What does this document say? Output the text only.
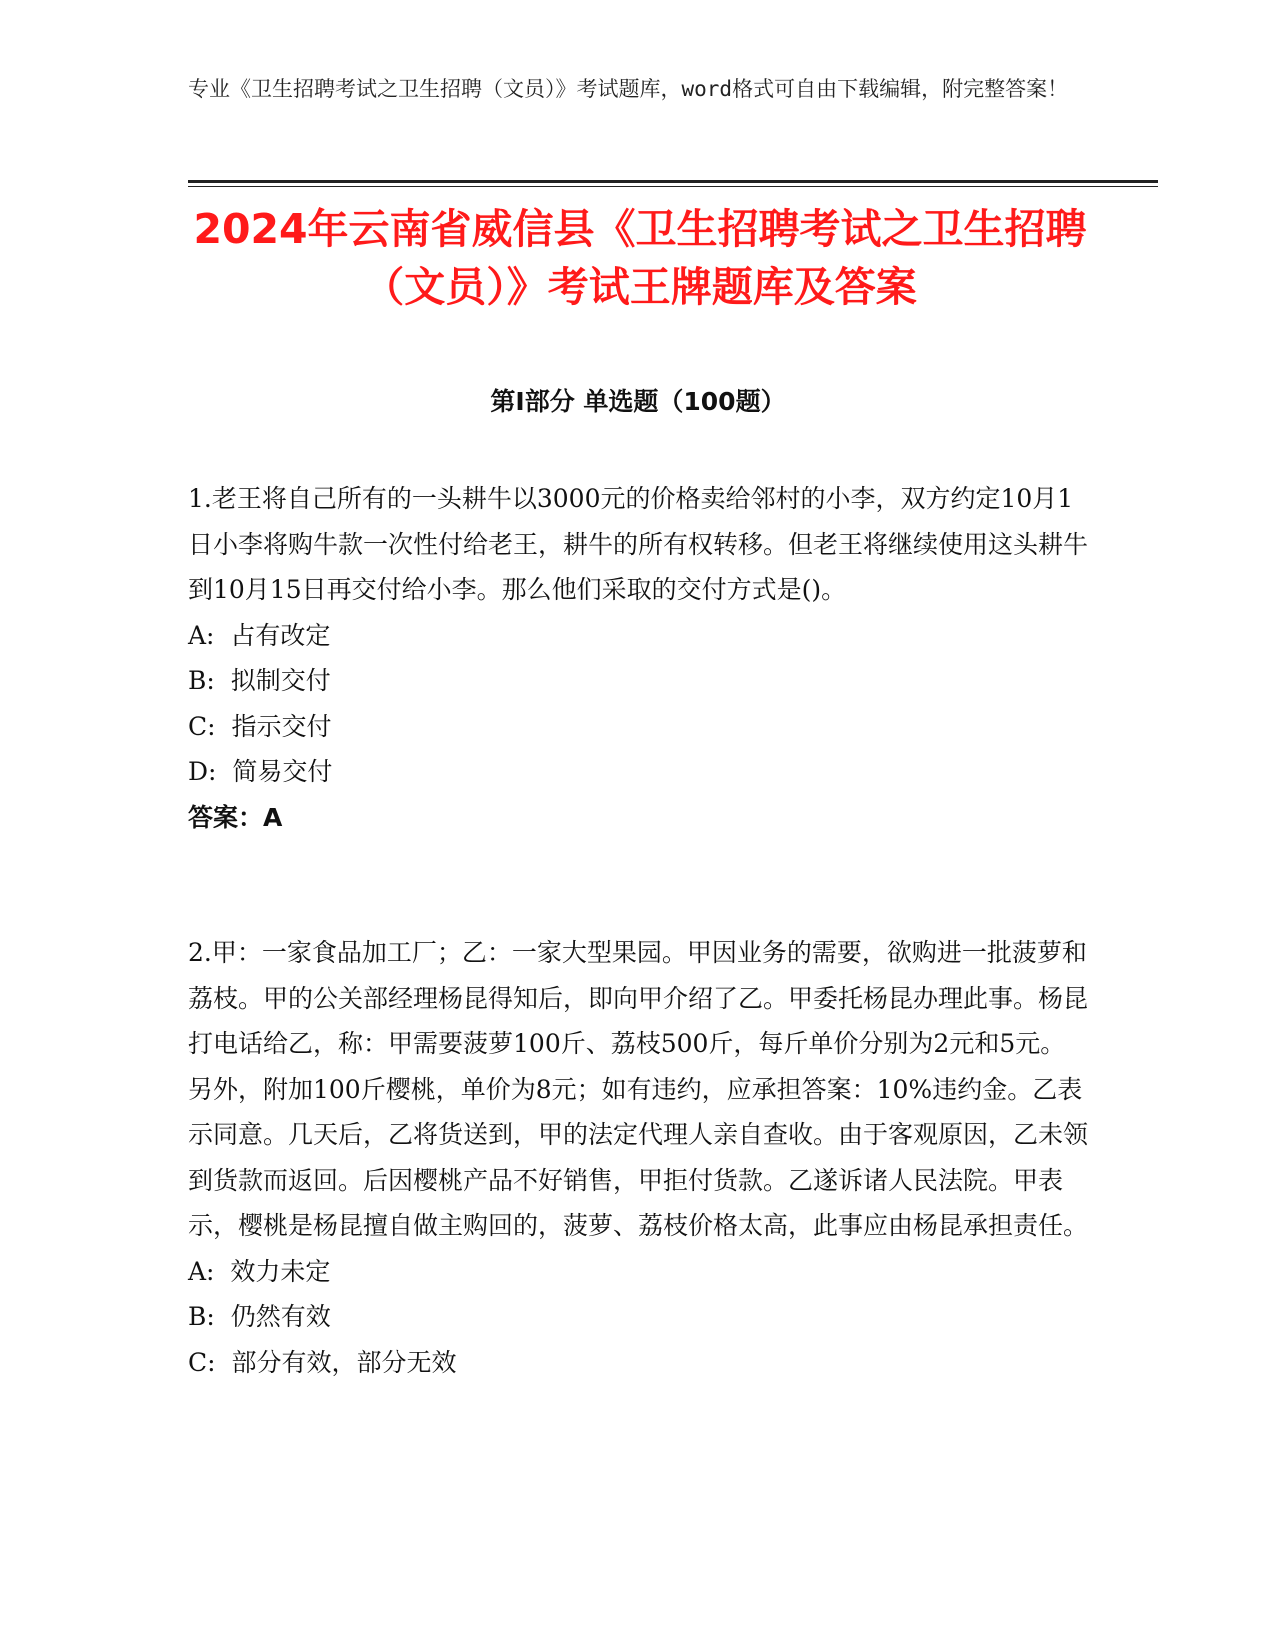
专业《卫生招聘考试之卫生招聘（文员）》考试题库，word格式可自由下载编辑，附完整答案！
2024年云南省威信县《卫生招聘考试之卫生招聘（文员）》考试王牌题库及答案
第Ⅰ部分 单选题（100题）

1.老王将自己所有的一头耕牛以3000元的价格卖给邻村的小李，双方约定10月1日小李将购牛款一次性付给老王，耕牛的所有权转移。但老王将继续使用这头耕牛到10月15日再交付给小李。那么他们采取的交付方式是()。

A:  占有改定

B:  拟制交付

C:  指示交付

D:  简易交付

答案：A

2.甲：一家食品加工厂；乙：一家大型果园。甲因业务的需要，欲购进一批菠萝和荔枝。甲的公关部经理杨昆得知后，即向甲介绍了乙。甲委托杨昆办理此事。杨昆打电话给乙，称：甲需要菠萝100斤、荔枝500斤，每斤单价分别为2元和5元。另外，附加100斤樱桃，单价为8元；如有违约，应承担答案：10%违约金。乙表示同意。几天后，乙将货送到，甲的法定代理人亲自查收。由于客观原因，乙未领到货款而返回。后因樱桃产品不好销售，甲拒付货款。乙遂诉诸人民法院。甲表示，樱桃是杨昆擅自做主购回的，菠萝、荔枝价格太高，此事应由杨昆承担责任。

A:  效力未定

B:  仍然有效

C:  部分有效，部分无效
